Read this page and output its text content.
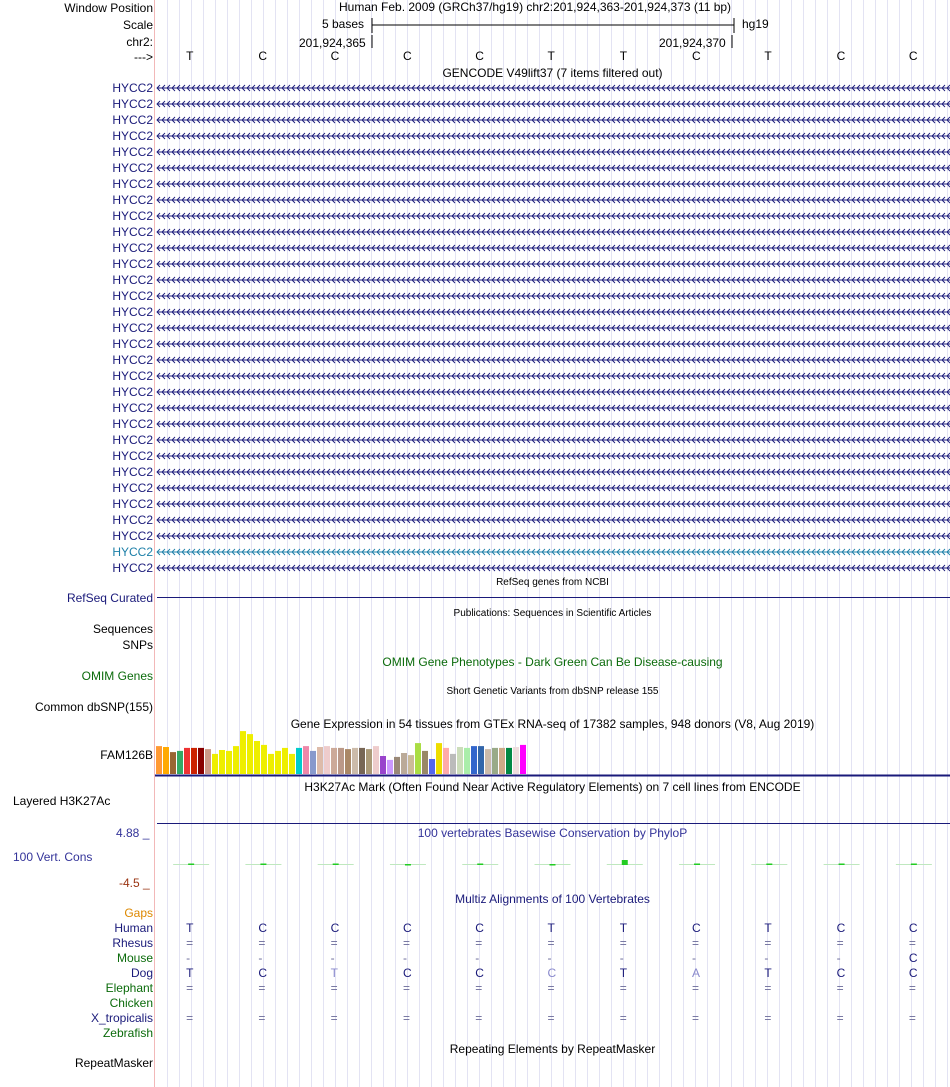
Window Position
Scale
chr2:
--->
Human Feb. 2009 (GRCh37/hg19) chr2:201,924,363-201,924,373 (11 bp)
5 bases	hg19
201,924,365	201,924,370
T	C	C	C	C	T	T	C	T	C	C
GENCODE V49lift37 (7 items filtered out)
HYCC2
HYCC2
HYCC2
HYCC2
HYCC2
HYCC2
HYCC2
HYCC2
HYCC2
HYCC2
HYCC2
HYCC2
HYCC2
HYCC2
HYCC2
HYCC2
HYCC2
HYCC2
HYCC2
HYCC2
HYCC2
HYCC2
HYCC2
HYCC2
HYCC2
HYCC2
HYCC2
HYCC2
HYCC2
HYCC2
HYCC2
RefSeq genes from NCBI
RefSeq Curated
Publications: Sequences in Scientific Articles
Sequences
SNPs
OMIM Gene Phenotypes - Dark Green Can Be Disease-causing
OMIM Genes
Short Genetic Variants from dbSNP release 155
Common dbSNP(155)
Gene Expression in 54 tissues from GTEx RNA-seq of 17382 samples, 948 donors (V8, Aug 2019)
FAM126B
H3K27Ac Mark (Often Found Near Active Regulatory Elements) on 7 cell lines from ENCODE
Layered H3K27Ac
100 vertebrates Basewise Conservation by PhyloP
4.88 _
100 Vert. Cons
-4.5 _
Multiz Alignments of 100 Vertebrates
Gaps
Human	T	C	C	C	C	T	T	C	T	C	C
Rhesus	=	=	=	=	=	=	=	=	=	=	=
Mouse	-	-	-	-	-	-	-	-	-	-	C
Dog	T	C	T	C	C	C	T	A	T	C	C
Elephant	=	=	=	=	=	=	=	=	=	=	=
Chicken
X_tropicalis	=	=	=	=	=	=	=	=	=	=	=
Zebrafish
Repeating Elements by RepeatMasker
RepeatMasker
